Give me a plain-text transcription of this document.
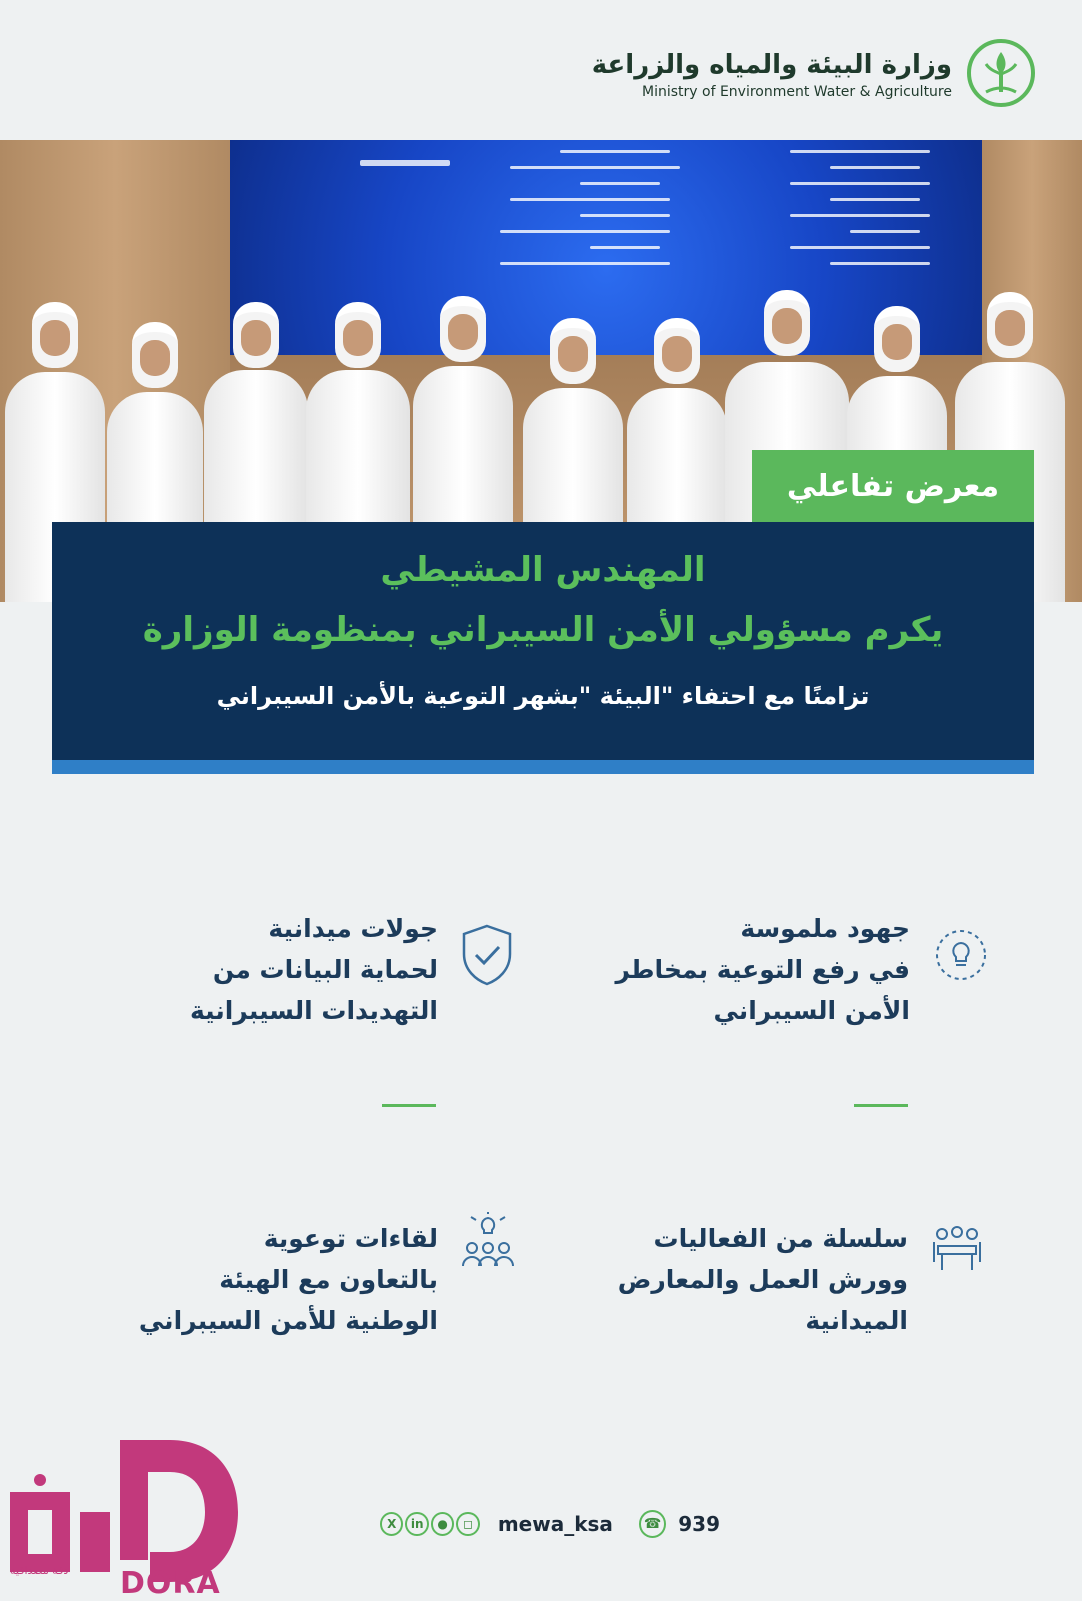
وزارة البيئة والمياه والزراعة
Ministry of Environment Water & Agriculture
معرض تفاعلي
المهندس المشيطي
يكرم مسؤولي الأمن السيبراني بمنظومة الوزارة
تزامنًا مع احتفاء "البيئة "بشهر التوعية بالأمن السيبراني
جهود ملموسة
في رفع التوعية بمخاطر
الأمن السيبراني
جولات ميدانية
لحماية البيانات من
التهديدات السيبرانية
سلسلة من الفعاليات
وورش العمل والمعارض
الميدانية
لقاءات توعوية
بالتعاون مع الهيئة
الوطنية للأمن السيبراني
X	in	●	◻	mewa_ksa	☎ 939
DORA
دقة مصداقية
